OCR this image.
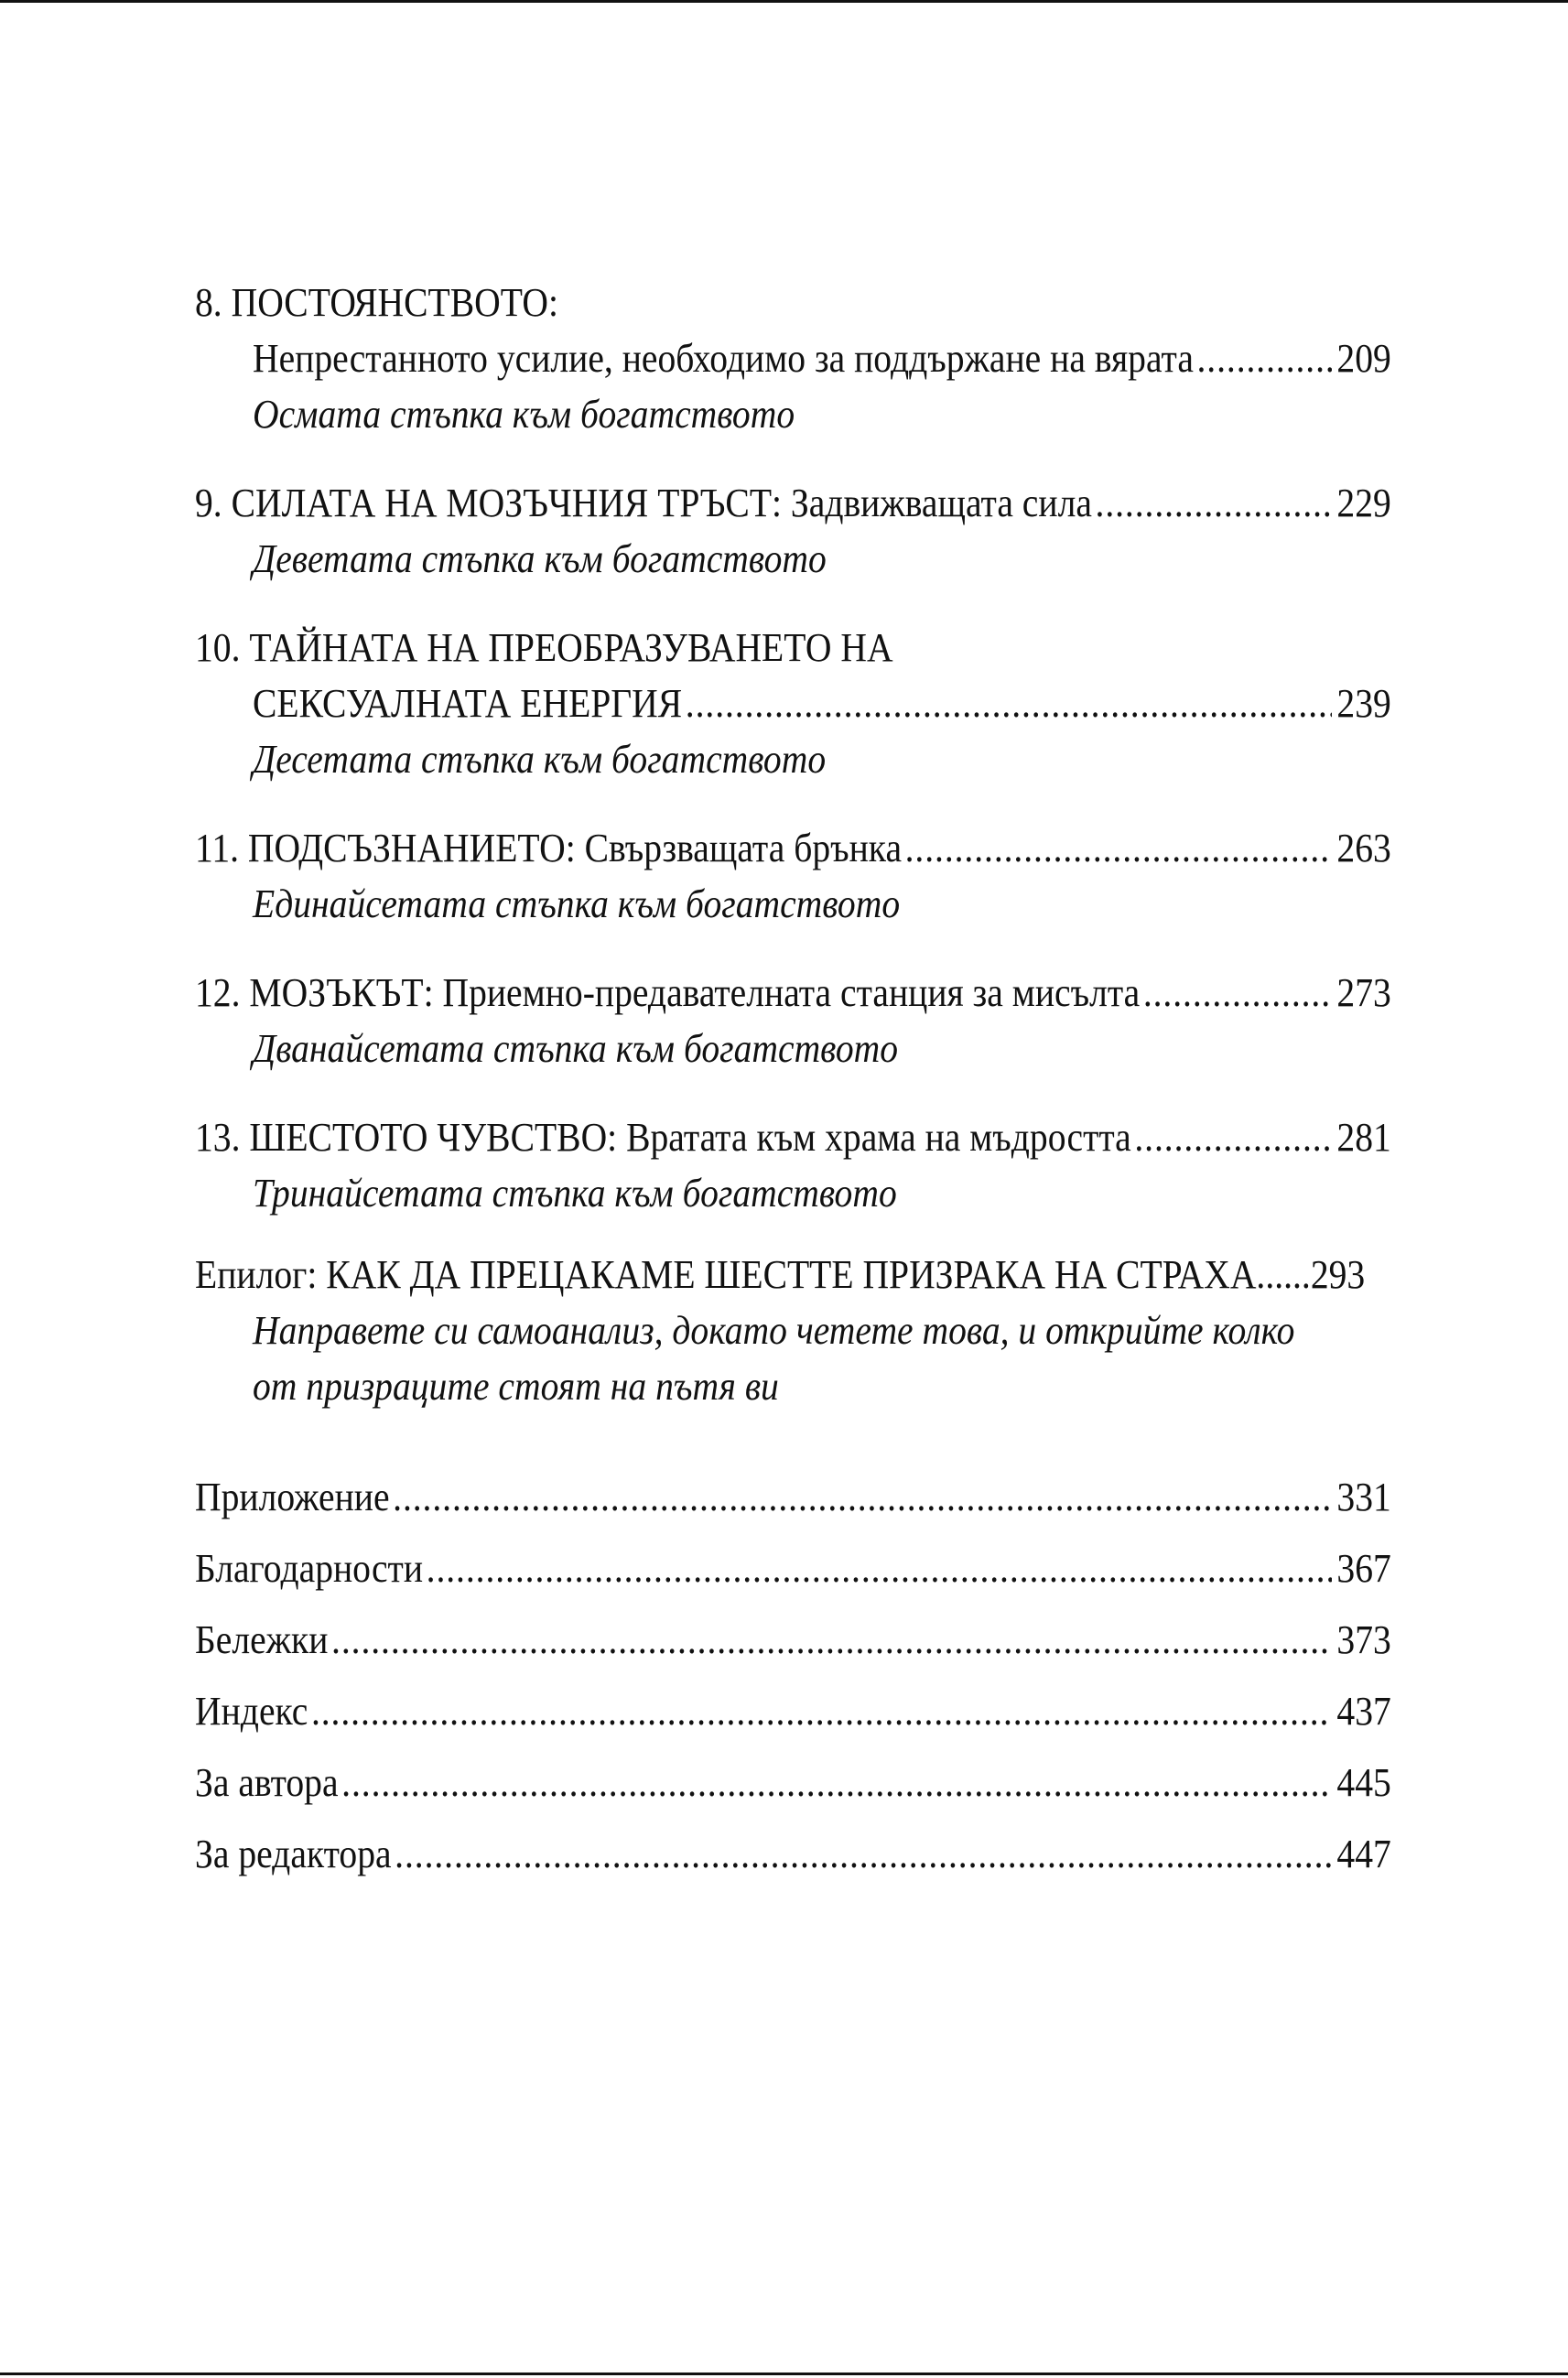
8. ПОСТОЯНСТВОТО:
Непрестанното усилие, необходимо за поддържане на вярата .....	209
Осмата стъпка към богатството
9. СИЛАТА НА МОЗЪЧНИЯ ТРЪСТ: Задвижващата сила .....	229
Деветата стъпка към богатството
10. ТАЙНАТА НА ПРЕОБРАЗУВАНЕТО НА
СЕКСУАЛНАТА ЕНЕРГИЯ .....	239
Десетата стъпка към богатството
11. ПОДСЪЗНАНИЕТО: Свързващата брънка .....	263
Единайсетата стъпка към богатството
12. МОЗЪКЪТ: Приемно-предавателната станция за мисълта .....	273
Дванайсетата стъпка към богатството
13. ШЕСТОТО ЧУВСТВО: Вратата към храма на мъдростта .....	281
Тринайсетата стъпка към богатството
Епилог: КАК ДА ПРЕЦАКАМЕ ШЕСТТЕ ПРИЗРАКА НА СТРАХА ...... 293
Направете си самоанализ, докато четете това, и открийте колко
от призраците стоят на пътя ви
Приложение .....	331
Благодарности .....	367
Бележки .....	373
Индекс .....	437
За автора .....	445
За редактора .....	447
